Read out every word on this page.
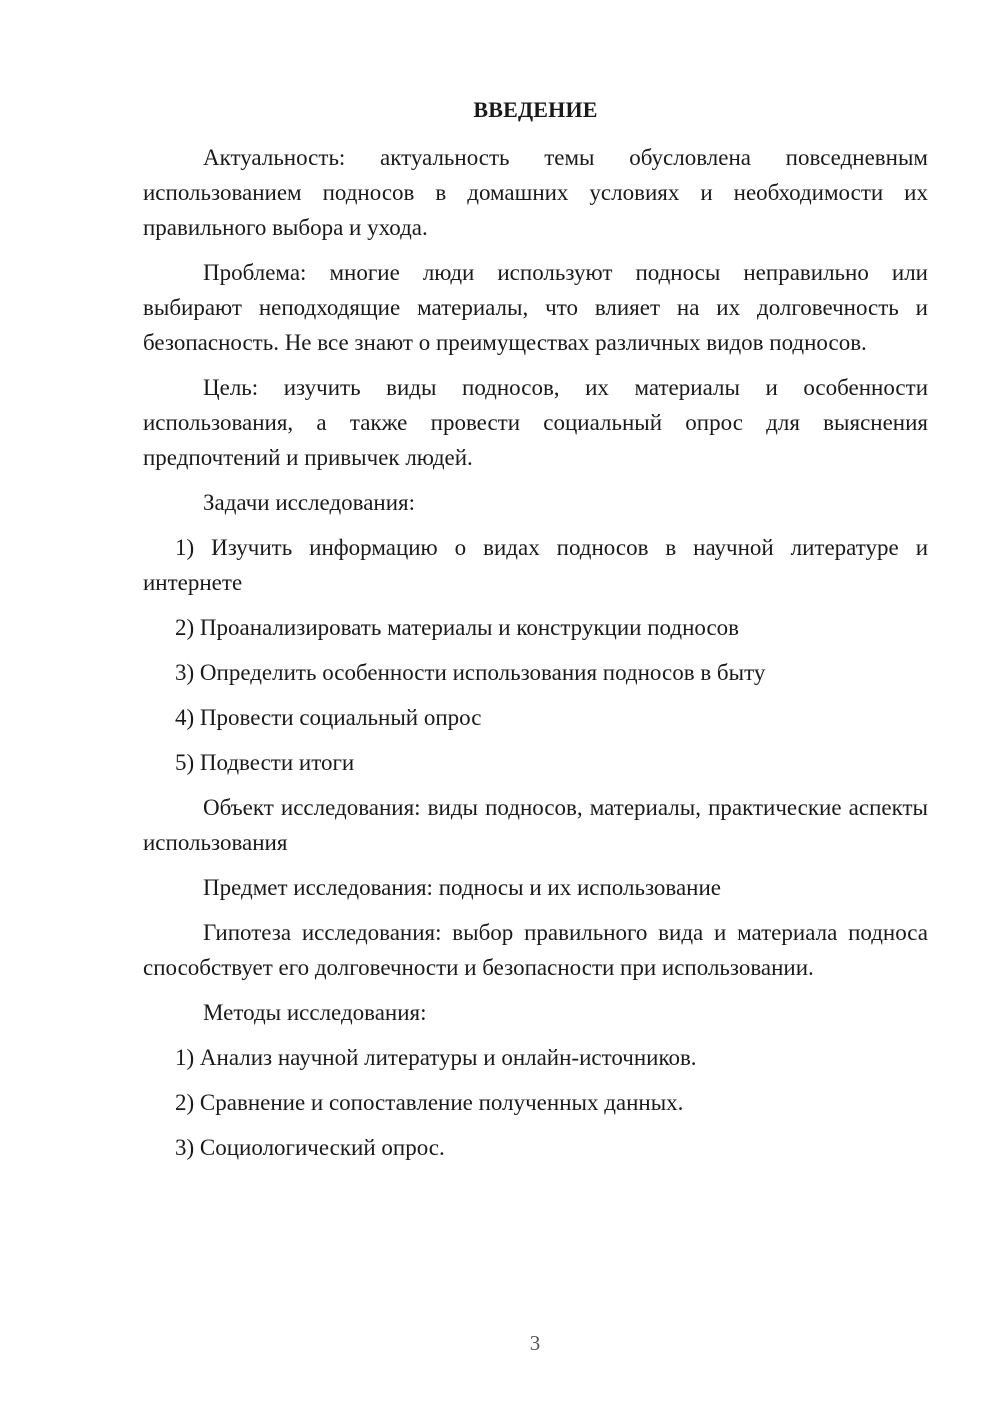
ВВЕДЕНИЕ

Актуальность: актуальность темы обусловлена повседневным использованием подносов в домашних условиях и необходимости их правильного выбора и ухода.

Проблема: многие люди используют подносы неправильно или выбирают неподходящие материалы, что влияет на их долговечность и безопасность. Не все знают о преимуществах различных видов подносов.

Цель: изучить виды подносов, их материалы и особенности использования, а также провести социальный опрос для выяснения предпочтений и привычек людей.

Задачи исследования:

1) Изучить информацию о видах подносов в научной литературе и интернете

2) Проанализировать материалы и конструкции подносов

3) Определить особенности использования подносов в быту

4) Провести социальный опрос

5) Подвести итоги

Объект исследования: виды подносов, материалы, практические аспекты использования

Предмет исследования: подносы и их использование

Гипотеза исследования: выбор правильного вида и материала подноса способствует его долговечности и безопасности при использовании.

Методы исследования:

1) Анализ научной литературы и онлайн-источников.

2) Сравнение и сопоставление полученных данных.

3) Социологический опрос.

3
